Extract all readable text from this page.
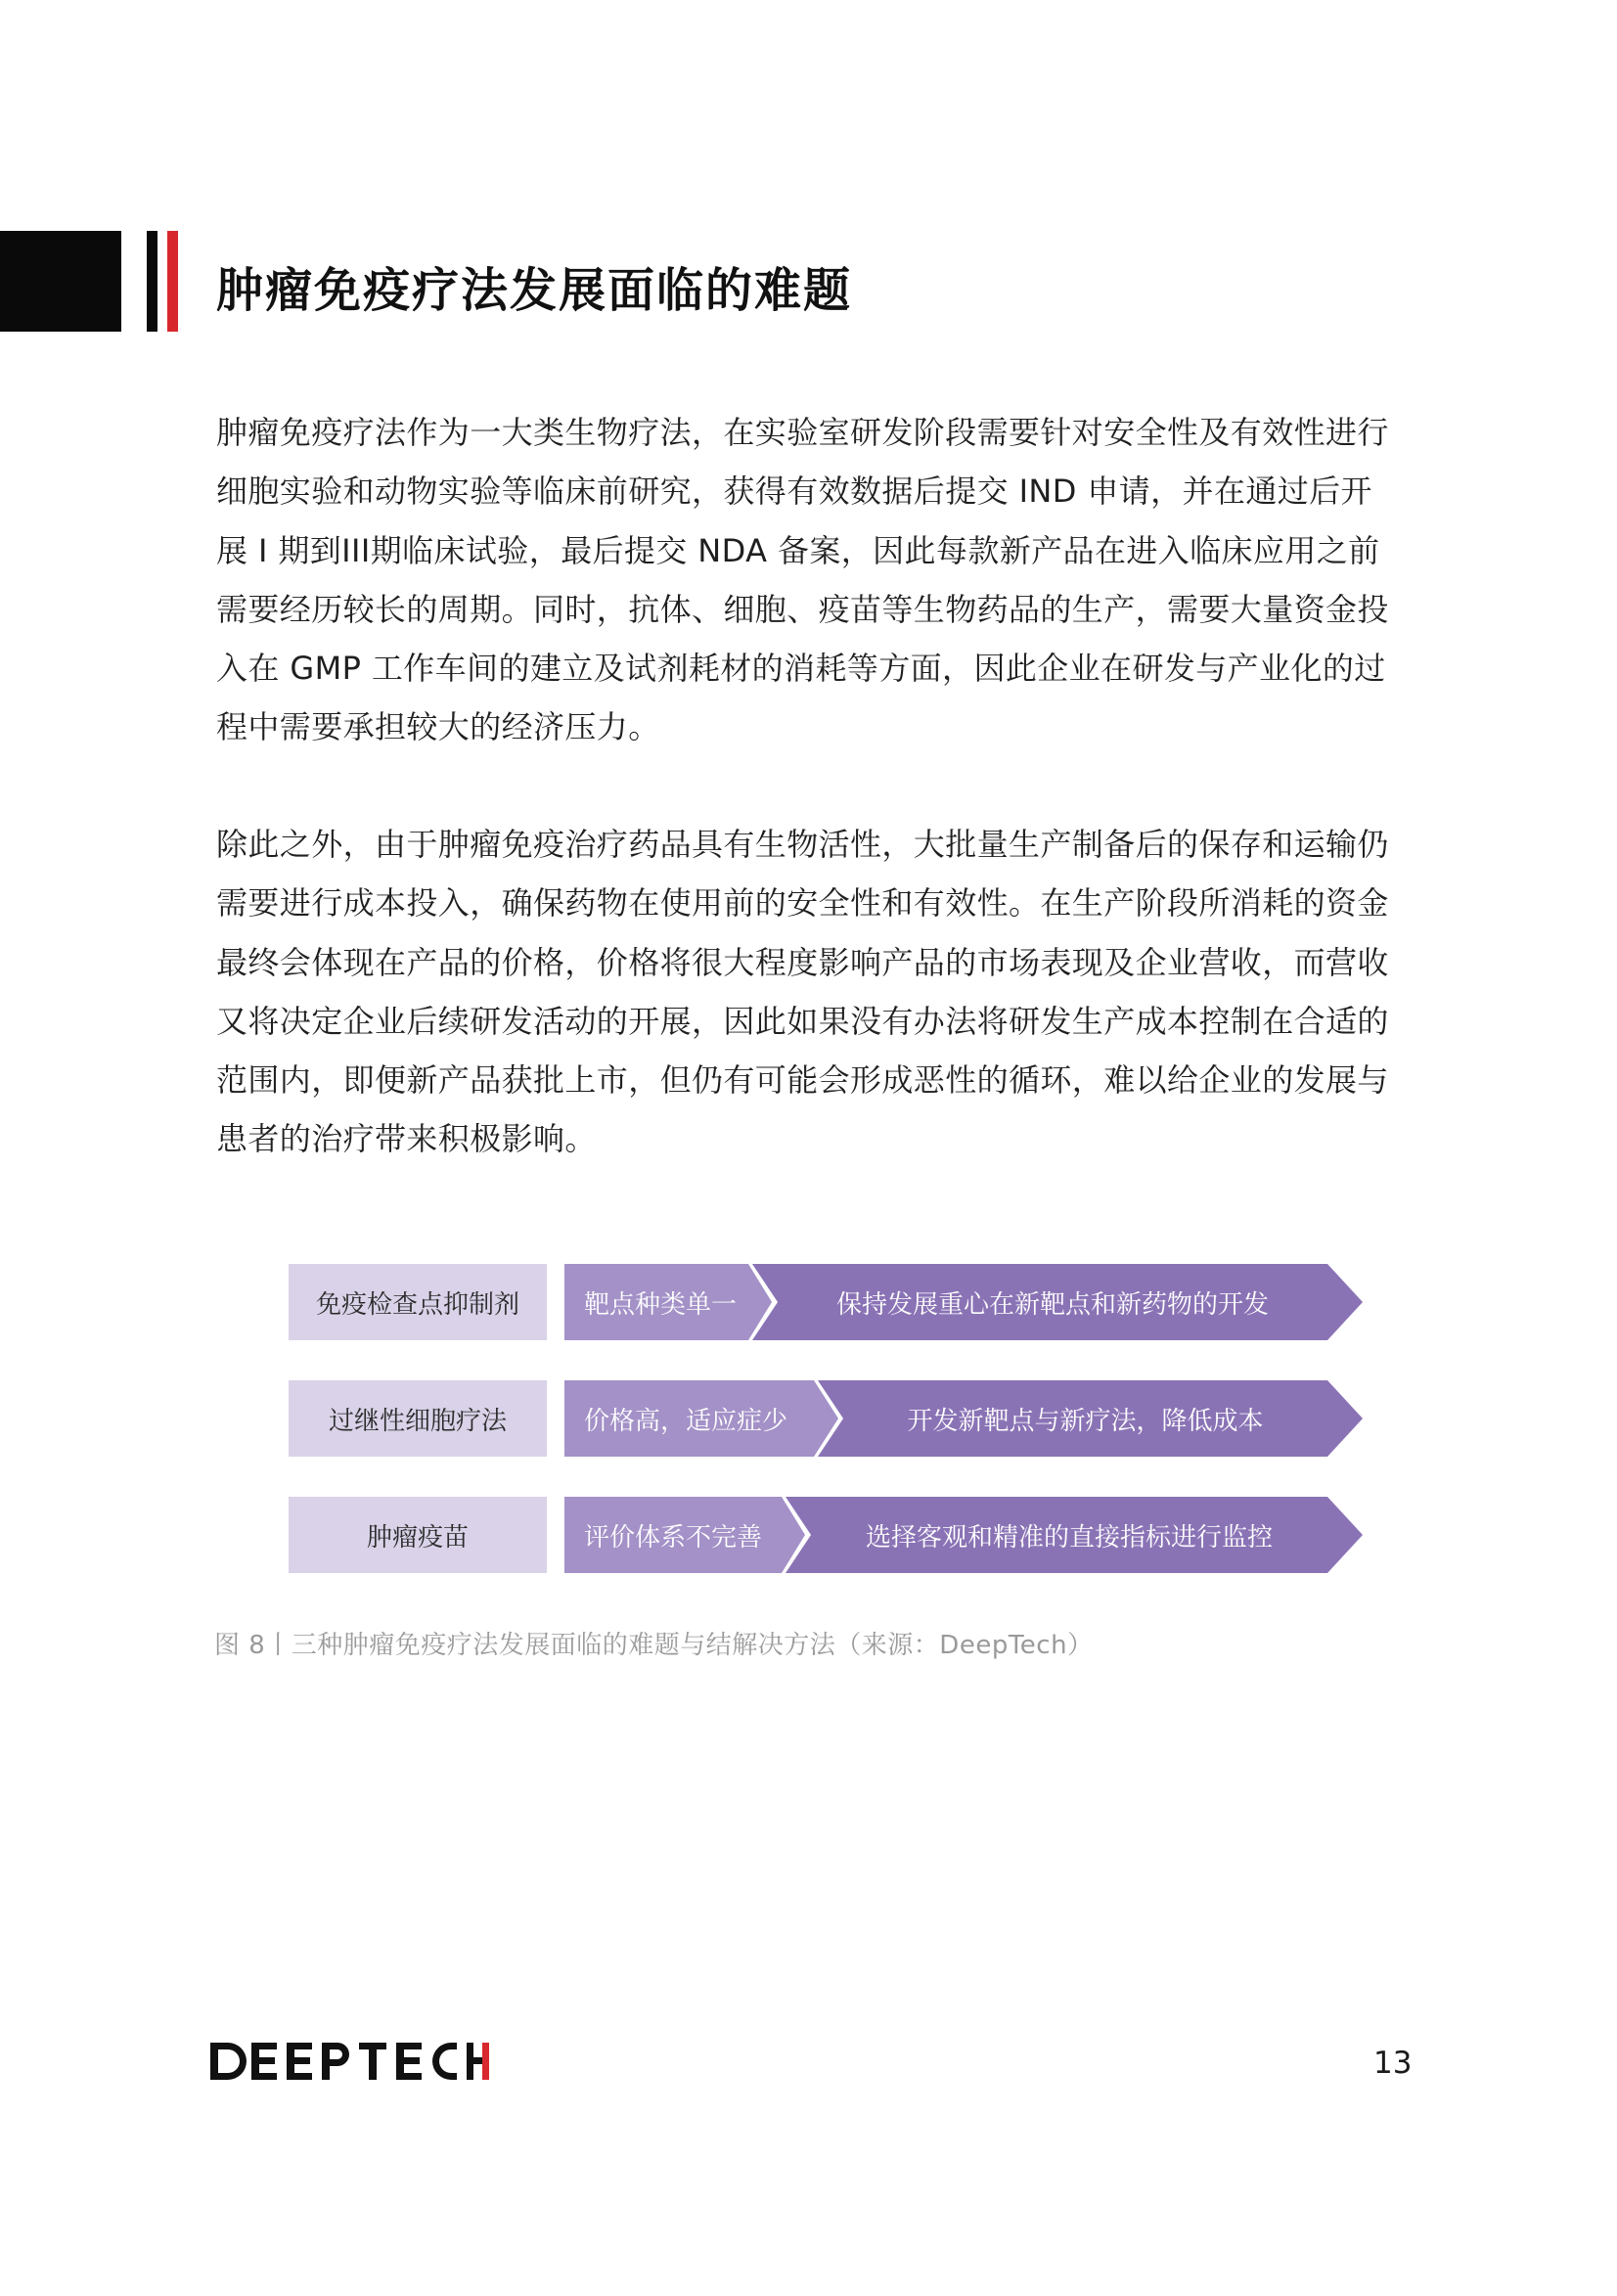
肿瘤免疫疗法发展面临的难题
肿瘤免疫疗法作为一大类生物疗法，在实验室研发阶段需要针对安全性及有效性进行
细胞实验和动物实验等临床前研究，获得有效数据后提交 IND 申请，并在通过后开
展 I 期到III期临床试验，最后提交 NDA 备案，因此每款新产品在进入临床应用之前
需要经历较长的周期。同时，抗体、细胞、疫苗等生物药品的生产，需要大量资金投
入在 GMP 工作车间的建立及试剂耗材的消耗等方面，因此企业在研发与产业化的过
程中需要承担较大的经济压力。
除此之外，由于肿瘤免疫治疗药品具有生物活性，大批量生产制备后的保存和运输仍
需要进行成本投入，确保药物在使用前的安全性和有效性。在生产阶段所消耗的资金
最终会体现在产品的价格，价格将很大程度影响产品的市场表现及企业营收，而营收
又将决定企业后续研发活动的开展，因此如果没有办法将研发生产成本控制在合适的
范围内，即便新产品获批上市，但仍有可能会形成恶性的循环，难以给企业的发展与
患者的治疗带来积极影响。
免疫检查点抑制剂	靶点种类单一	保持发展重心在新靶点和新药物的开发
过继性细胞疗法	价格高，适应症少	开发新靶点与新疗法，降低成本
肿瘤疫苗	评价体系不完善	选择客观和精准的直接指标进行监控
图 8丨三种肿瘤免疫疗法发展面临的难题与结解决方法（来源：DeepTech）
13
